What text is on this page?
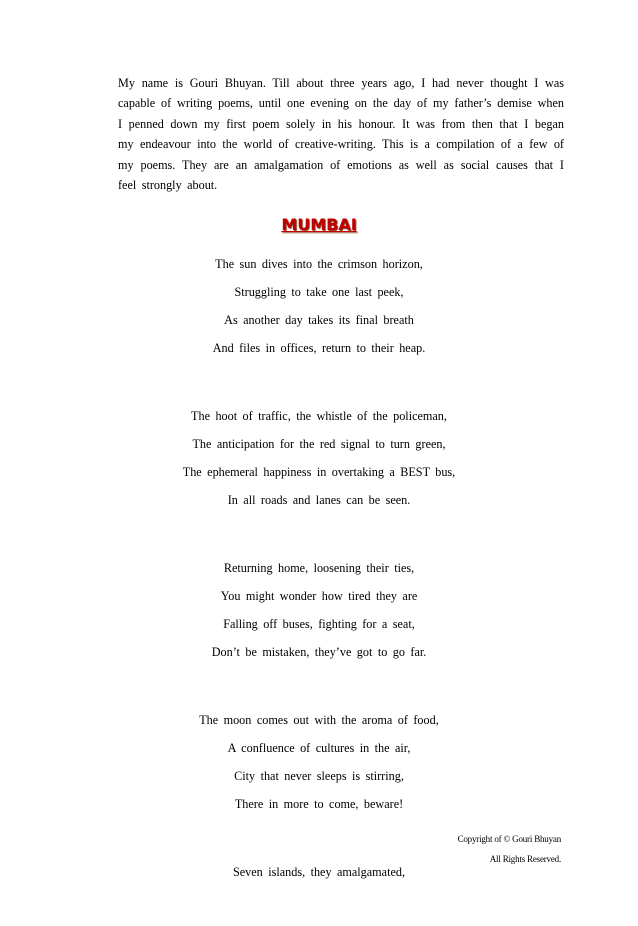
My name is Gouri Bhuyan. Till about three years ago, I had never thought I was capable of writing poems, until one evening on the day of my father’s demise when I penned down my first poem solely in his honour. It was from then that I began my endeavour into the world of creative-writing. This is a compilation of a few of my poems. They are an amalgamation of emotions as well as social causes that I feel strongly about.

MUMBAI
The sun dives into the crimson horizon,
Struggling to take one last peek,
As another day takes its final breath
And files in offices, return to their heap.
The hoot of traffic, the whistle of the policeman,
The anticipation for the red signal to turn green,
The ephemeral happiness in overtaking a BEST bus,
In all roads and lanes can be seen.
Returning home, loosening their ties,
You might wonder how tired they are
Falling off buses, fighting for a seat,
Don’t be mistaken, they’ve got to go far.
The moon comes out with the aroma of food,
A confluence of cultures in the air,
City that never sleeps is stirring,
There in more to come, beware!
Seven islands, they amalgamated,
Copyright of © Gouri Bhuyan
All Rights Reserved.
